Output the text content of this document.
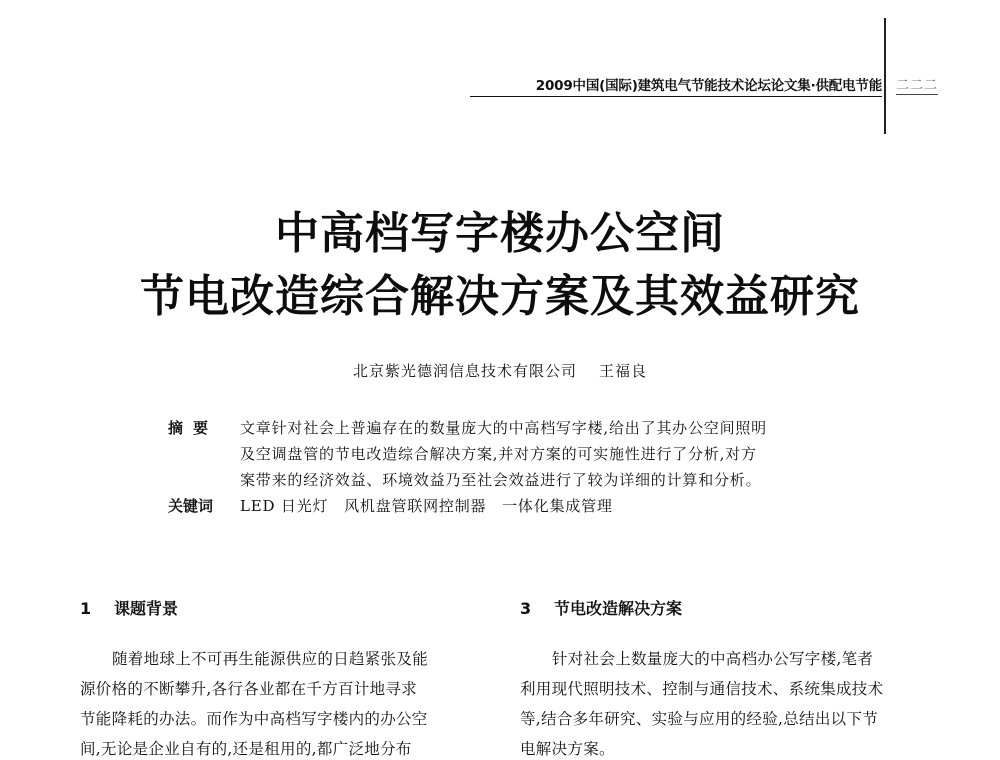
2009中国(国际)建筑电气节能技术论坛论文集·供配电节能 二二二
中高档写字楼办公空间
节电改造综合解决方案及其效益研究
北京紫光德润信息技术有限公司 王福良
摘要	文章针对社会上普遍存在的数量庞大的中高档写字楼,给出了其办公空间照明
及空调盘管的节电改造综合解决方案,并对方案的可实施性进行了分析,对方
案带来的经济效益、环境效益乃至社会效益进行了较为详细的计算和分析。
关键词	LED 日光灯　风机盘管联网控制器　一体化集成管理
1 课题背景
随着地球上不可再生能源供应的日趋紧张及能
源价格的不断攀升,各行各业都在千方百计地寻求
节能降耗的办法。而作为中高档写字楼内的办公空
间,无论是企业自有的,还是租用的,都广泛地分布
3 节电改造解决方案
针对社会上数量庞大的中高档办公写字楼,笔者
利用现代照明技术、控制与通信技术、系统集成技术
等,结合多年研究、实验与应用的经验,总结出以下节
电解决方案。
